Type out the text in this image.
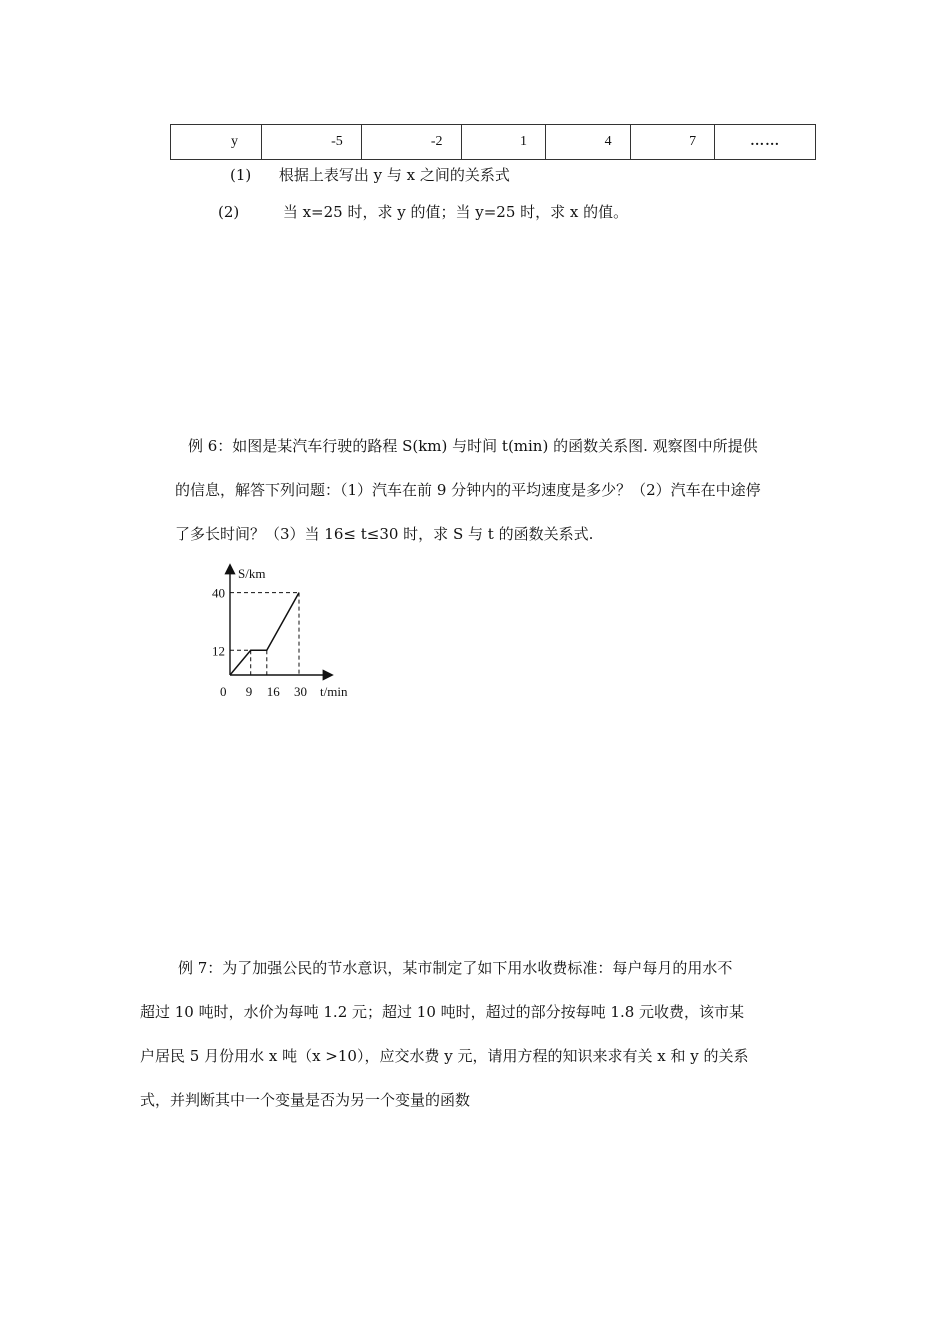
y	-5	-2	1	4	7	……
(1) 根据上表写出 y 与 x 之间的关系式
(2)	当 x=25 时，求 y 的值；当 y=25 时，求 x 的值。
例 6：如图是某汽车行驶的路程 S(km) 与时间 t(min) 的函数关系图. 观察图中所提供
的信息，解答下列问题：（1）汽车在前 9 分钟内的平均速度是多少？（2）汽车在中途停
了多长时间？（3）当 16≤ t≤30 时，求 S 与 t 的函数关系式.
S/km
t/min
0 9 16 30
12
40
例 7：为了加强公民的节水意识，某市制定了如下用水收费标准：每户每月的用水不
超过 10 吨时，水价为每吨 1.2 元；超过 10 吨时，超过的部分按每吨 1.8 元收费，该市某
户居民 5 月份用水 x 吨（x >10），应交水费 y 元，请用方程的知识来求有关 x 和 y 的关系
式，并判断其中一个变量是否为另一个变量的函数
